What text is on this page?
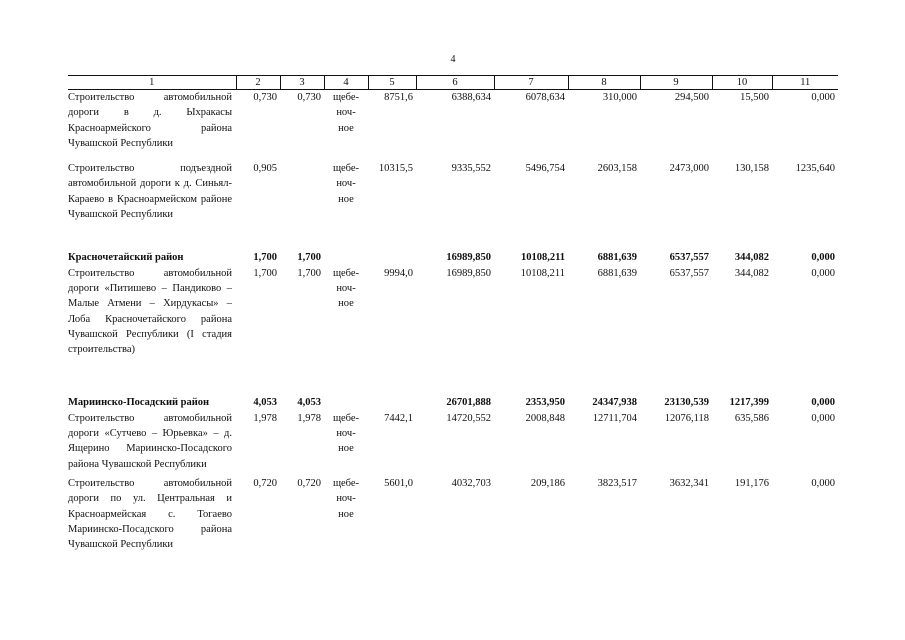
4
1	2	3	4	5	6	7	8	9	10	11
Строительство автомобильной дороги в д. Ыхракасы Красноармейского района Чувашской Республики	0,730	0,730	щебе-
ноч-
ное	8751,6	6388,634	6078,634	310,000	294,500	15,500	0,000

Строительство подъездной автомобильной дороги к д. Синьял-Караево в Красноармейском районе Чувашской Республики	0,905		щебе-
ноч-
ное	10315,5	9335,552	5496,754	2603,158	2473,000	130,158	1235,640

Красночетайский район	1,700	1,700			16989,850	10108,211	6881,639	6537,557	344,082	0,000
Строительство автомобильной дороги «Питишево – Пандиково – Малые Атмени – Хирдукасы» – Лоба Красночетайского района Чувашской Республики (I стадия строительства)	1,700	1,700	щебе-
ноч-
ное	9994,0	16989,850	10108,211	6881,639	6537,557	344,082	0,000

Мариинско-Посадский район	4,053	4,053			26701,888	2353,950	24347,938	23130,539	1217,399	0,000
Строительство автомобильной дороги «Сутчево – Юрьевка» – д. Ящерино Мариинско-Посадского района Чувашской Республики	1,978	1,978	щебе-
ноч-
ное	7442,1	14720,552	2008,848	12711,704	12076,118	635,586	0,000

Строительство автомобильной дороги по ул. Центральная и Красноармейская с. Тогаево Мариинско-Посадского района Чувашской Республики	0,720	0,720	щебе-
ноч-
ное	5601,0	4032,703	209,186	3823,517	3632,341	191,176	0,000
